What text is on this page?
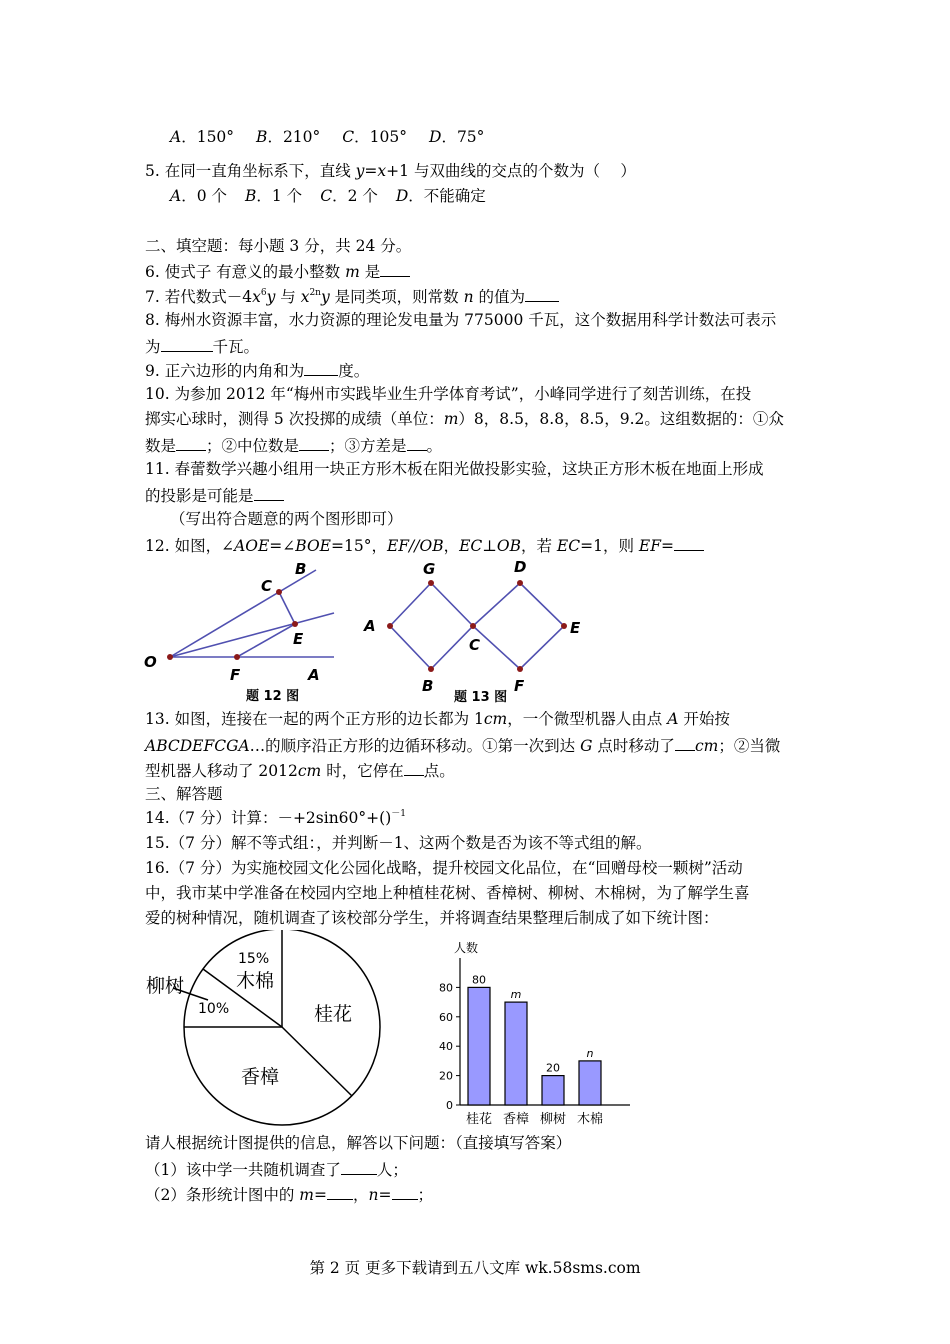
A．150° B．210° C．105° D．75°
5. 在同一直角坐标系下，直线 y=x+1 与双曲线的交点的个数为（　 ）
A．0 个 B．1 个 C．2 个 D．不能确定
二、填空题：每小题 3 分，共 24 分。
6. 使式子 有意义的最小整数 m 是
7. 若代数式$-4x^6y$ 与 $x^{2n}y$ 是同类项，则常数 n 的值为
8. 梅州水资源丰富，水力资源的理论发电量为 775000 千瓦，这个数据用科学计数法可表示
为	千瓦。
9. 正六边形的内角和为 度。
10. 为参加 2012 年“梅州市实践毕业生升学体育考试”，小峰同学进行了刻苦训练，在投
掷实心球时，测得 5 次投掷的成绩（单位：m）8，8.5，8.8，8.5，9.2。这组数据的：①众
数是 ；②中位数是 ；③方差是 。
11. 春蕾数学兴趣小组用一块正方形木板在阳光做投影实验，这块正方形木板在地面上形成
的投影是可能是
（写出符合题意的两个图形即可）
12. 如图，∠AOE=∠BOE=15°，EF//OB，EC⊥OB，若 EC=1，则 EF=
O
F	A
E
C
B
题 12 图
G	D
A
C
E
B	F
题 13 图
13. 如图，连接在一起的两个正方形的边长都为 1cm，一个微型机器人由点 A 开始按
ABCDEFCGA…的顺序沿正方形的边循环移动。①第一次到达 G 点时移动了 cm；②当微
型机器人移动了 2012cm 时，它停在 点。
三、解答题
14.（7 分）计算：－+2sin60°+()$^{-1}$
15.（7 分）解不等式组：，并判断－1、这两个数是否为该不等式组的解。
16.（7 分）为实施校园文化公园化战略，提升校园文化品位，在“回赠母校一颗树”活动
中，我市某中学准备在校园内空地上种植桂花树、香樟树、柳树、木棉树，为了解学生喜
爱的树种情况，随机调查了该校部分学生，并将调查结果整理后制成了如下统计图：
桂花
香樟
柳树	木棉
10%
15%
人数
0
20
40
60
80
80
m
20
n
桂花 香樟 柳树 木棉
请人根据统计图提供的信息，解答以下问题：（直接填写答案）
（1）该中学一共随机调查了 人；
（2）条形统计图中的 m= ，n= ；
第 2 页 更多下载请到五八文库 wk.58sms.com
